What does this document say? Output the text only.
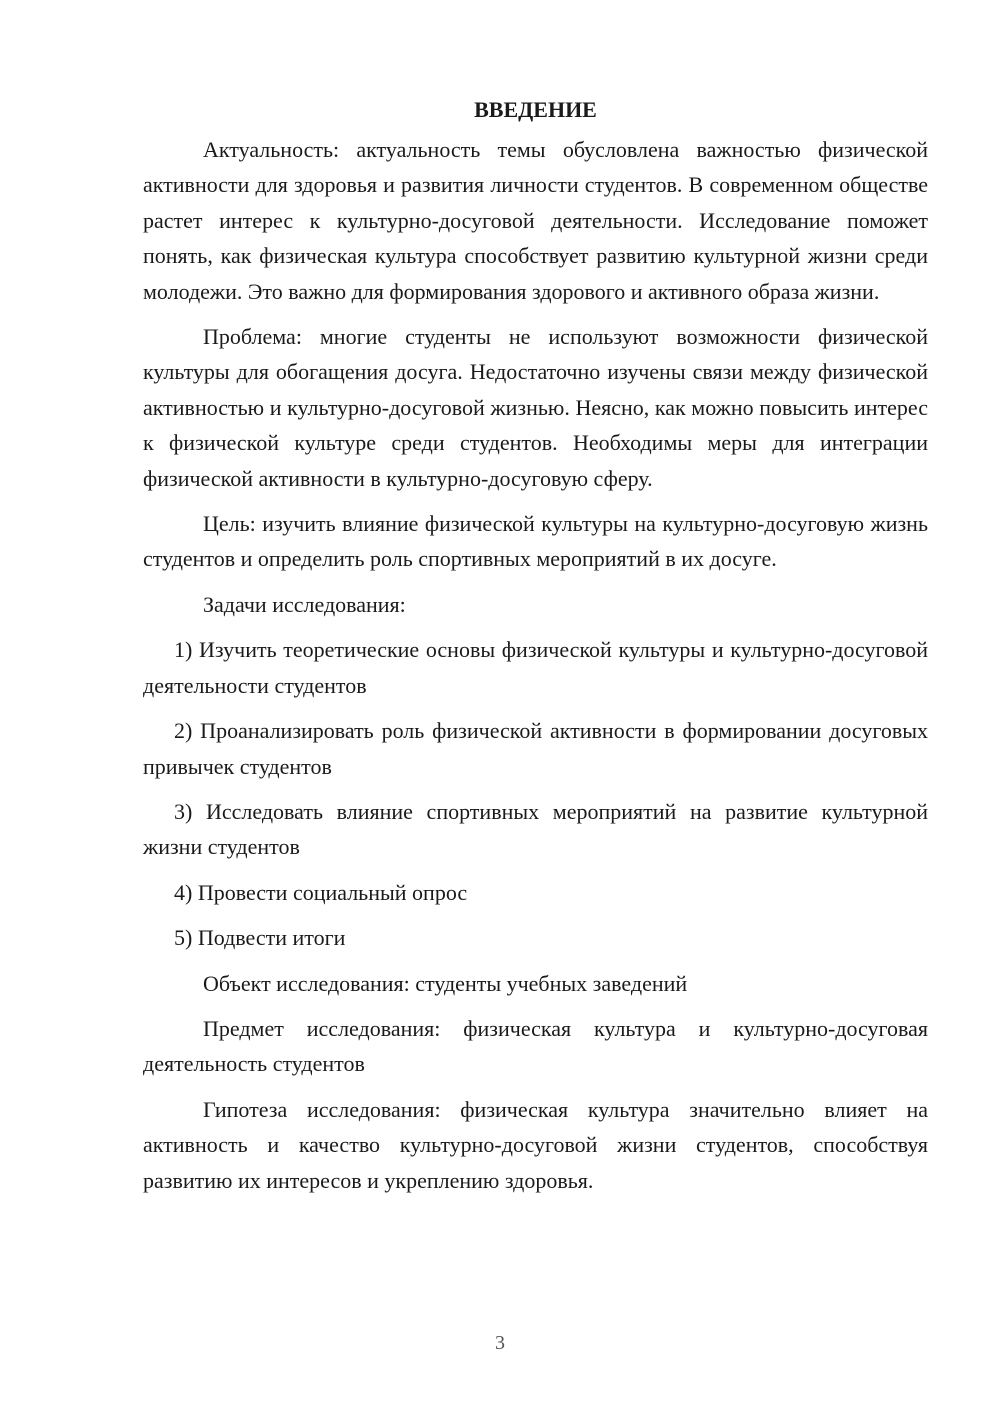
ВВЕДЕНИЕ

Актуальность: актуальность темы обусловлена важностью физической активности для здоровья и развития личности студентов. В современном обществе растет интерес к культурно-досуговой деятельности. Исследование поможет понять, как физическая культура способствует развитию культурной жизни среди молодежи. Это важно для формирования здорового и активного образа жизни.

Проблема: многие студенты не используют возможности физической культуры для обогащения досуга. Недостаточно изучены связи между физической активностью и культурно-досуговой жизнью. Неясно, как можно повысить интерес к физической культуре среди студентов. Необходимы меры для интеграции физической активности в культурно-досуговую сферу.

Цель: изучить влияние физической культуры на культурно-досуговую жизнь студентов и определить роль спортивных мероприятий в их досуге.

Задачи исследования:

1) Изучить теоретические основы физической культуры и культурно-досуговой деятельности студентов

2) Проанализировать роль физической активности в формировании досуговых привычек студентов

3) Исследовать влияние спортивных мероприятий на развитие культурной жизни студентов

4) Провести социальный опрос

5) Подвести итоги

Объект исследования: студенты учебных заведений

Предмет исследования: физическая культура и культурно-досуговая деятельность студентов

Гипотеза исследования: физическая культура значительно влияет на активность и качество культурно-досуговой жизни студентов, способствуя развитию их интересов и укреплению здоровья.

3
